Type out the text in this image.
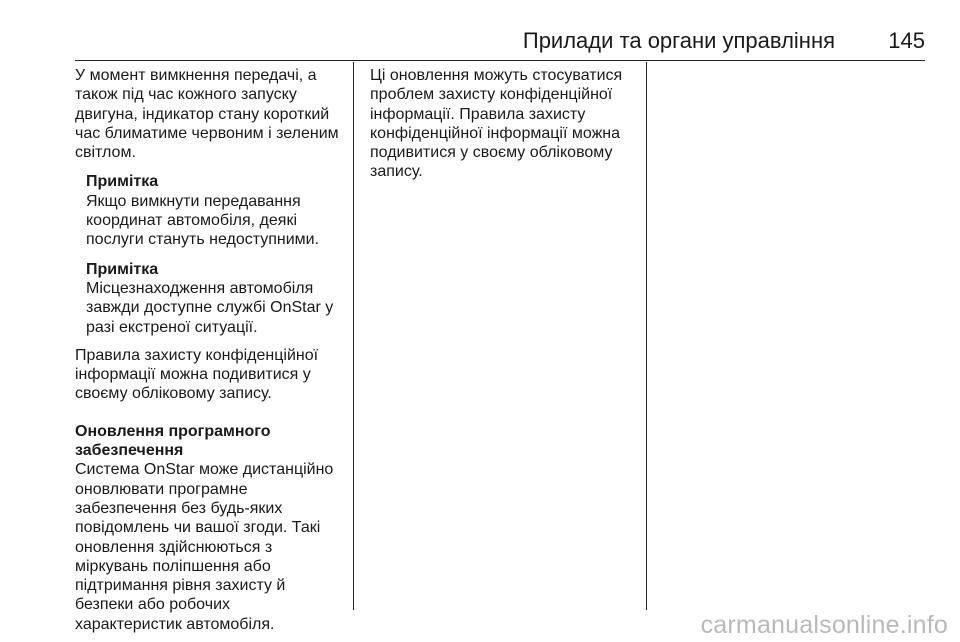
Прилади та органи управління 145

У момент вимкнення передачі, а
також під час кожного запуску
двигуна, індикатор стану короткий
час блиматиме червоним і зеленим
світлом.

Примітка

Якщо вимкнути передавання
координат автомобіля, деякі
послуги стануть недоступними.

Примітка

Місцезнаходження автомобіля
завжди доступне службі OnStar у
разі екстреної ситуації.

Правила захисту конфіденційної
інформації можна подивитися у
своєму обліковому запису.

Оновлення програмного
забезпечення

Система OnStar може дистанційно
оновлювати програмне
забезпечення без будь-яких
повідомлень чи вашої згоди. Такі
оновлення здійснюються з
міркувань поліпшення або
підтримання рівня захисту й
безпеки або робочих
характеристик автомобіля.

Ці оновлення можуть стосуватися
проблем захисту конфіденційної
інформації. Правила захисту
конфіденційної інформації можна
подивитися у своєму обліковому
запису.

carmanualsonline.info
